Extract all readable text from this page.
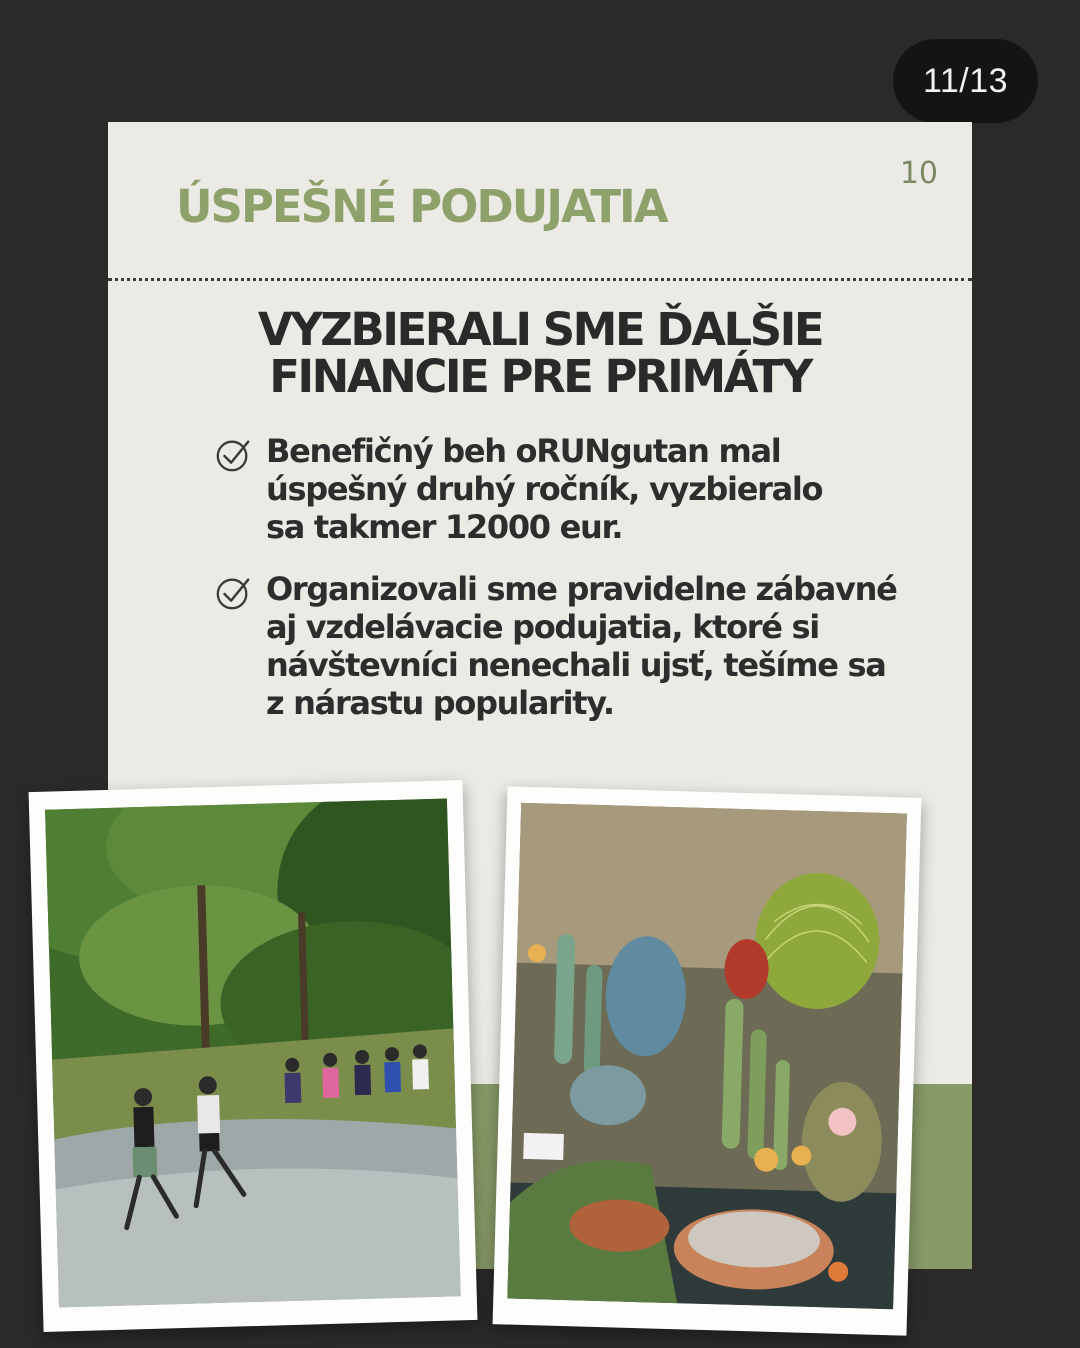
11/13
10
ÚSPEŠNÉ PODUJATIA
VYZBIERALI SME ĎALŠIE
FINANCIE PRE PRIMÁTY
Benefičný beh oRUNgutan mal
úspešný druhý ročník, vyzbieralo
sa takmer 12000 eur.
Organizovali sme pravidelne zábavné
aj vzdelávacie podujatia, ktoré si
návštevníci nenechali ujsť, tešíme sa
z nárastu popularity.
